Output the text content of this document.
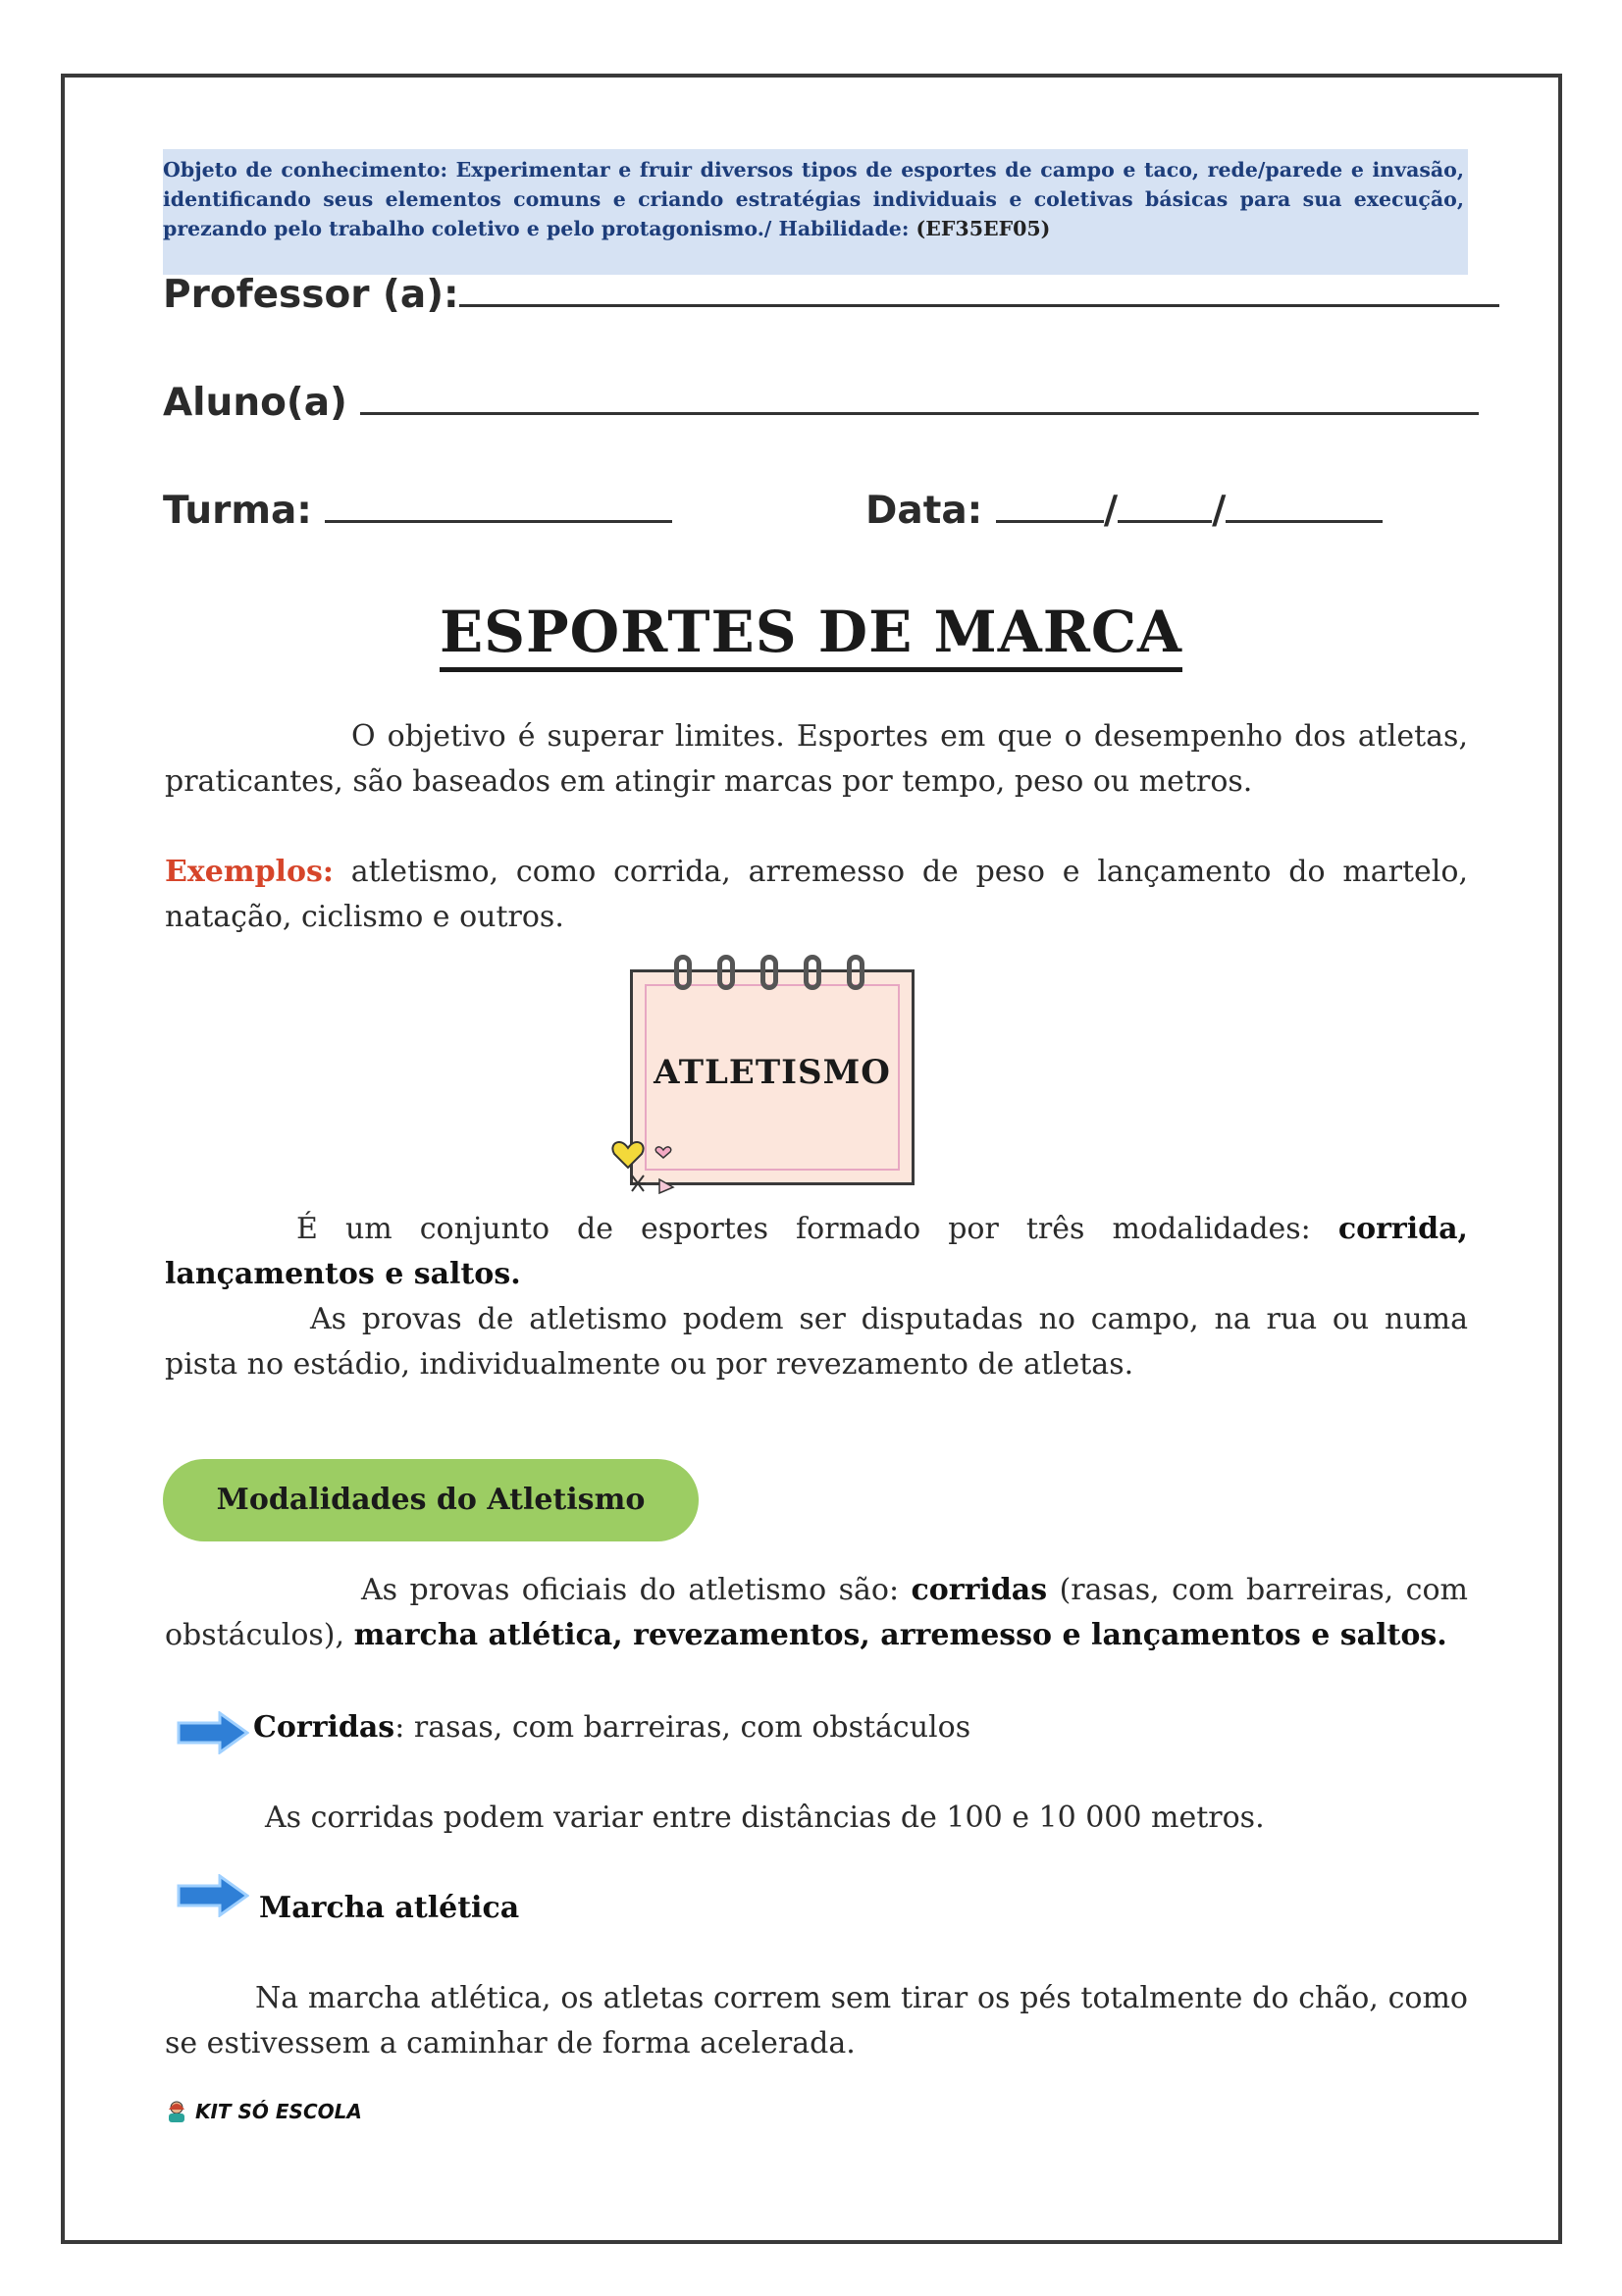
Objeto de conhecimento: Experimentar e fruir diversos tipos de esportes de campo e taco, rede/parede e invasão, identificando seus elementos comuns e criando estratégias individuais e coletivas básicas para sua execução, prezando pelo trabalho coletivo e pelo protagonismo./ Habilidade: (EF35EF05)
Professor (a):
Aluno(a)
Turma:	Data:	/ /
ESPORTES DE MARCA
O objetivo é superar limites. Esportes em que o desempenho dos atletas, praticantes, são baseados em atingir marcas por tempo, peso ou metros.
Exemplos: atletismo, como corrida, arremesso de peso e lançamento do martelo, natação, ciclismo e outros.
ATLETISMO
É um conjunto de esportes formado por três modalidades: corrida, lançamentos e saltos.
As provas de atletismo podem ser disputadas no campo, na rua ou numa pista no estádio, individualmente ou por revezamento de atletas.
Modalidades do Atletismo
As provas oficiais do atletismo são: corridas (rasas, com barreiras, com obstáculos), marcha atlética, revezamentos, arremesso e lançamentos e saltos.
Corridas: rasas, com barreiras, com obstáculos
As corridas podem variar entre distâncias de 100 e 10 000 metros.
Marcha atlética
Na marcha atlética, os atletas correm sem tirar os pés totalmente do chão, como se estivessem a caminhar de forma acelerada.
KIT SÓ ESCOLA
